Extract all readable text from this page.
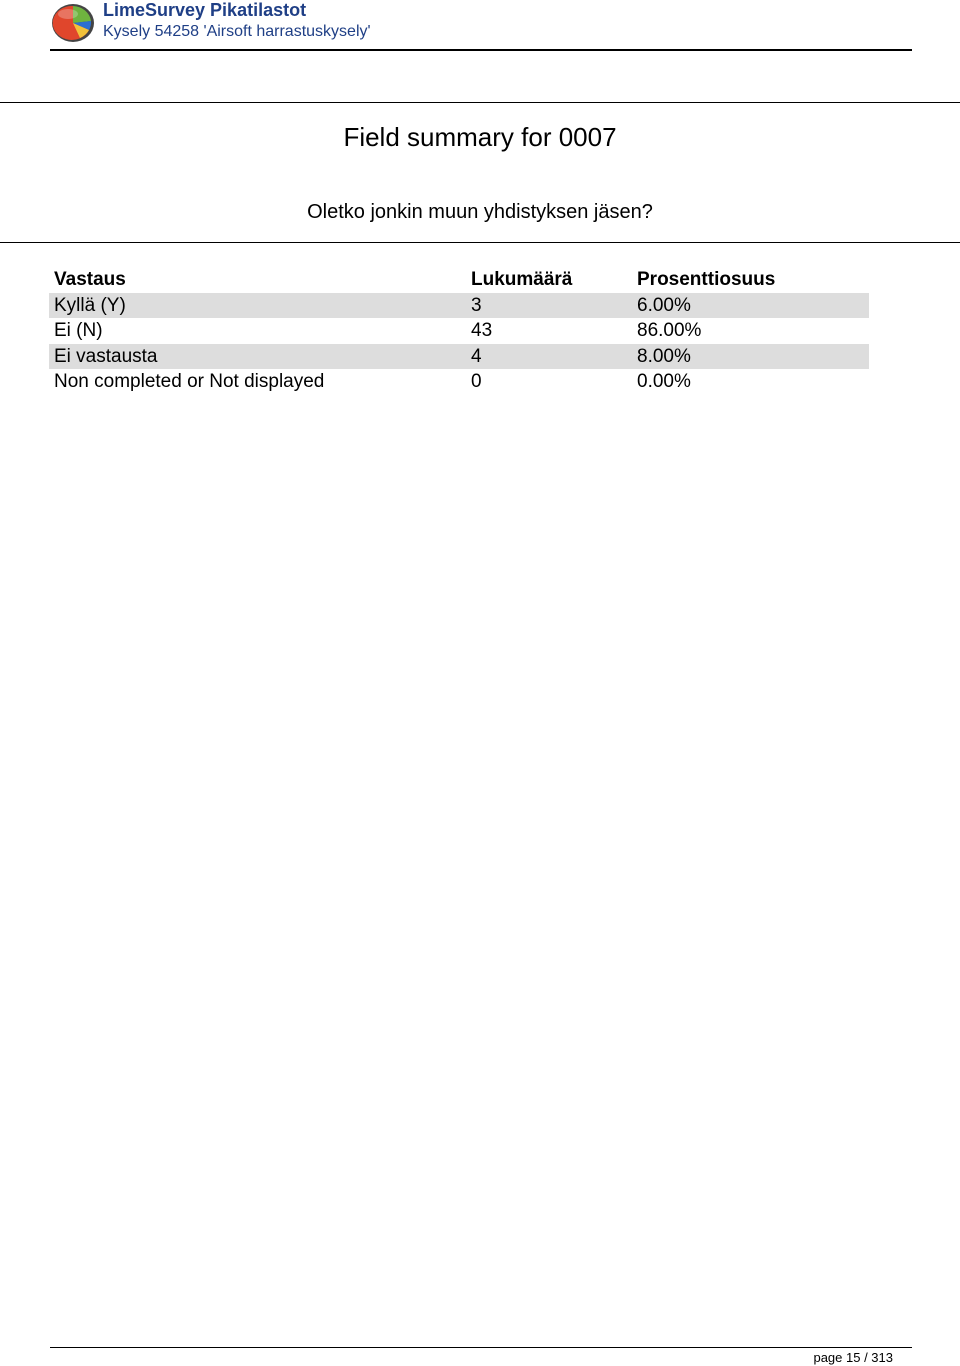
LimeSurvey Pikatilastot
Kysely 54258 'Airsoft harrastuskysely'
Field summary for 0007
Oletko jonkin muun yhdistyksen jäsen?
Vastaus	Lukumäärä	Prosenttiosuus
Kyllä (Y)	3	6.00%
Ei (N)	43	86.00%
Ei vastausta	4	8.00%
Non completed or Not displayed	0	0.00%
page 15 / 313
